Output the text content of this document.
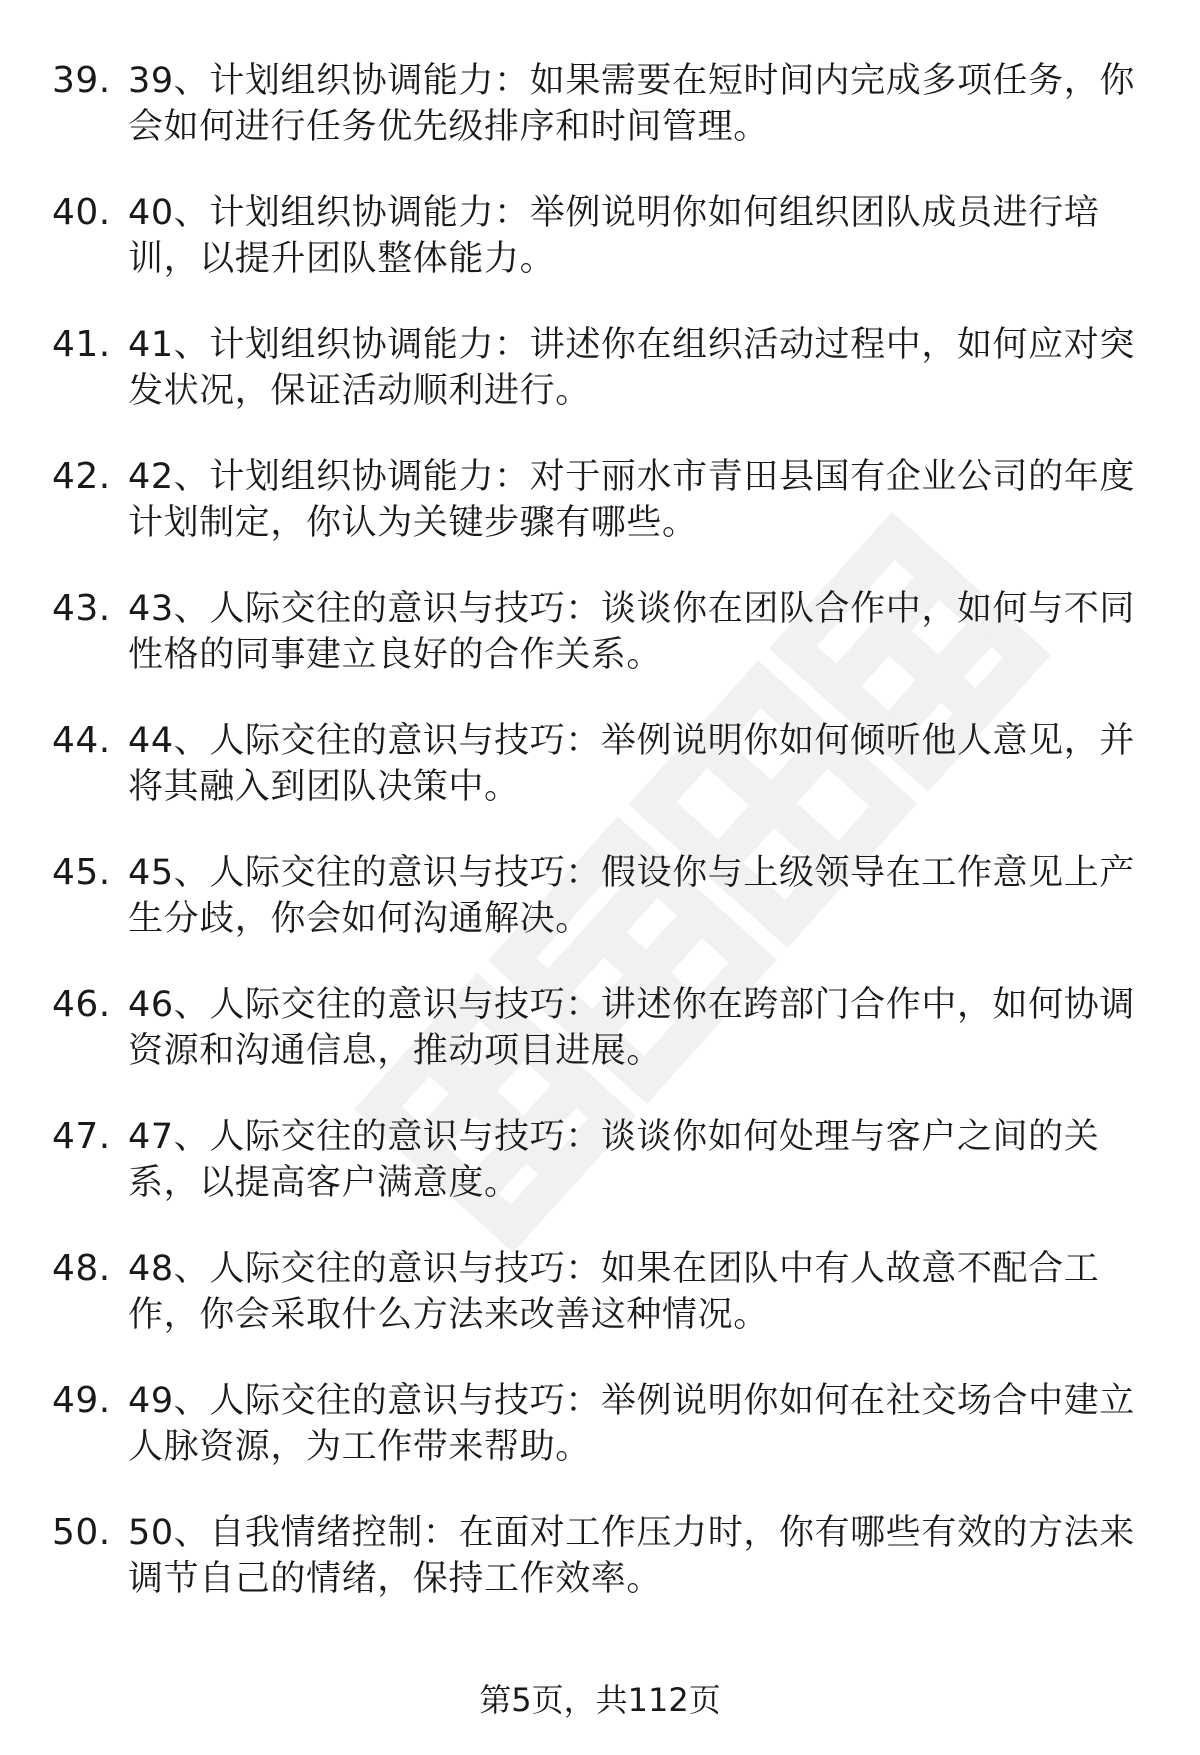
39. 39、计划组织协调能力：如果需要在短时间内完成多项任务，你会如何进行任务优先级排序和时间管理。
40. 40、计划组织协调能力：举例说明你如何组织团队成员进行培训，以提升团队整体能力。
41. 41、计划组织协调能力：讲述你在组织活动过程中，如何应对突发状况，保证活动顺利进行。
42. 42、计划组织协调能力：对于丽水市青田县国有企业公司的年度计划制定，你认为关键步骤有哪些。
43. 43、人际交往的意识与技巧：谈谈你在团队合作中，如何与不同性格的同事建立良好的合作关系。
44. 44、人际交往的意识与技巧：举例说明你如何倾听他人意见，并将其融入到团队决策中。
45. 45、人际交往的意识与技巧：假设你与上级领导在工作意见上产生分歧，你会如何沟通解决。
46. 46、人际交往的意识与技巧：讲述你在跨部门合作中，如何协调资源和沟通信息，推动项目进展。
47. 47、人际交往的意识与技巧：谈谈你如何处理与客户之间的关系，以提高客户满意度。
48. 48、人际交往的意识与技巧：如果在团队中有人故意不配合工作，你会采取什么方法来改善这种情况。
49. 49、人际交往的意识与技巧：举例说明你如何在社交场合中建立人脉资源，为工作带来帮助。
50. 50、自我情绪控制：在面对工作压力时，你有哪些有效的方法来调节自己的情绪，保持工作效率。
第5页，共112页
